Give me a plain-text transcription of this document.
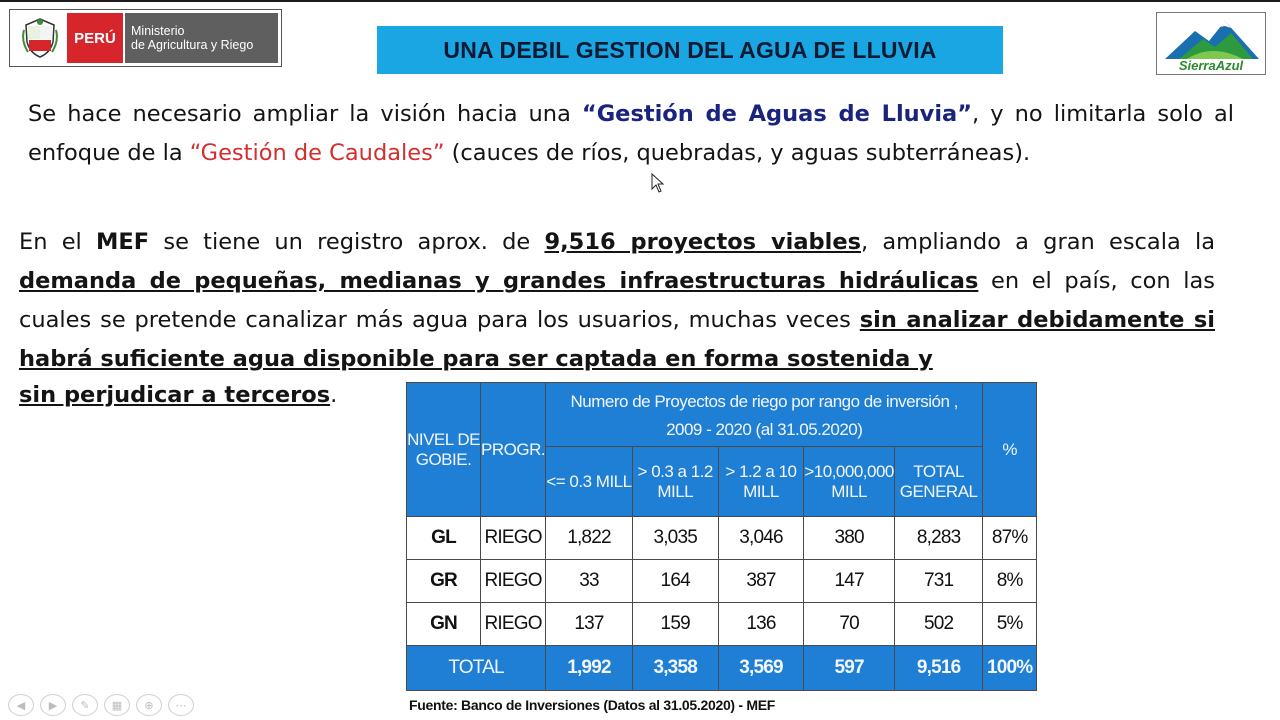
PERÚ	Ministerio
de Agricultura y Riego	UNA DEBIL GESTION DEL AGUA DE LLUVIA
SierraAzul

Se hace necesario ampliar la visión hacia una “Gestión de Aguas de Lluvia”, y no limitarla solo al enfoque de la “Gestión de Caudales” (cauces de ríos, quebradas, y aguas subterráneas).

En el MEF se tiene un registro aprox. de 9,516 proyectos viables, ampliando a gran escala la demanda de pequeñas, medianas y grandes infraestructuras hidráulicas en el país, con las cuales se pretende canalizar más agua para los usuarios, muchas veces sin analizar debidamente si habrá suficiente agua disponible para ser captada en forma sostenida y

sin perjudicar a terceros.
NIVEL DE GOBIE.	PROGR.	Numero de Proyectos de riego por rango de inversión ,
2009 - 2020 (al 31.05.2020)					%
		<= 0.3 MILL	> 0.3 a 1.2 MILL	> 1.2 a 10 MILL	>10,000,000 MILL	TOTAL GENERAL	
GL	RIEGO	1,822	3,035	3,046	380	8,283	87%
GR	RIEGO	33	164	387	147	731	8%
GN	RIEGO	137	159	136	70	502	5%
TOTAL		1,992	3,358	3,569	597	9,516	100%
Fuente: Banco de Inversiones (Datos al 31.05.2020) - MEF
◀	▶	✎	▦	⊕	⋯
